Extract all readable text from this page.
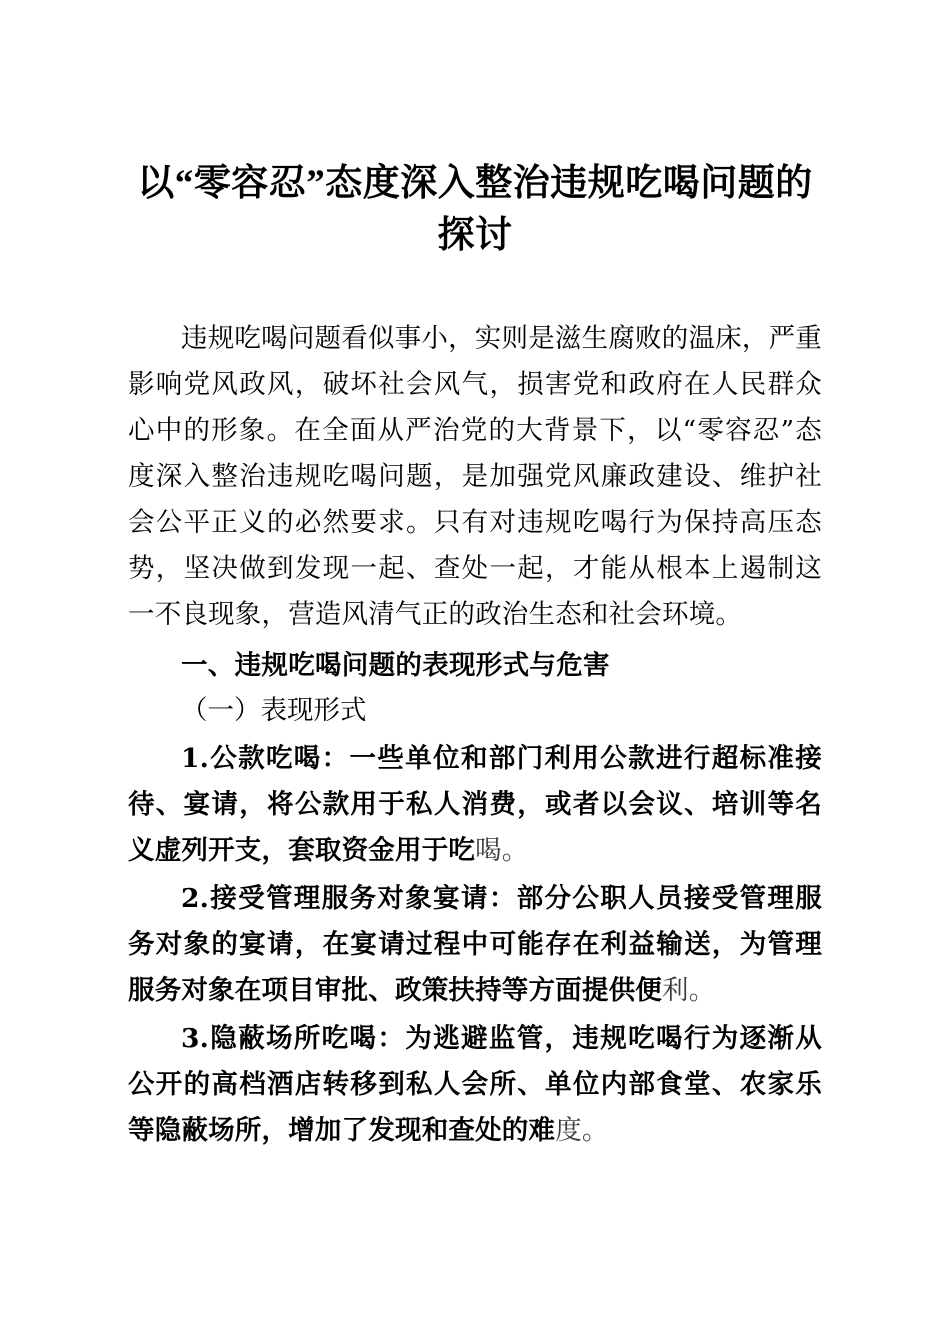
以“零容忍”态度深入整治违规吃喝问题的探讨

违规吃喝问题看似事小，实则是滋生腐败的温床，严重影响党风政风，破坏社会风气，损害党和政府在人民群众心中的形象。在全面从严治党的大背景下，以“零容忍”态度深入整治违规吃喝问题，是加强党风廉政建设、维护社会公平正义的必然要求。只有对违规吃喝行为保持高压态势，坚决做到发现一起、查处一起，才能从根本上遏制这一不良现象，营造风清气正的政治生态和社会环境。

一、违规吃喝问题的表现形式与危害

（一）表现形式

1.公款吃喝：一些单位和部门利用公款进行超标准接待、宴请，将公款用于私人消费，或者以会议、培训等名义虚列开支，套取资金用于吃喝。

2.接受管理服务对象宴请：部分公职人员接受管理服务对象的宴请，在宴请过程中可能存在利益输送，为管理服务对象在项目审批、政策扶持等方面提供便利。

3.隐蔽场所吃喝：为逃避监管，违规吃喝行为逐渐从公开的高档酒店转移到私人会所、单位内部食堂、农家乐等隐蔽场所，增加了发现和查处的难度。
